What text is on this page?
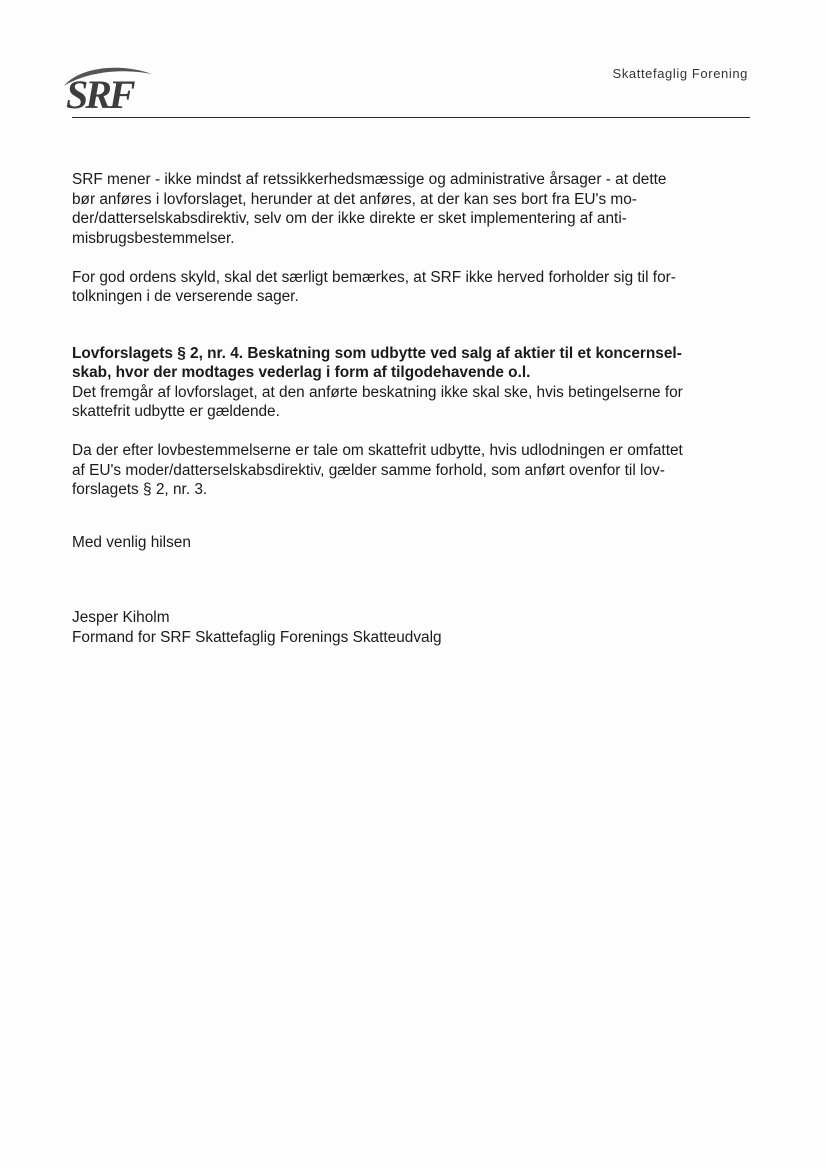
SRF	Skattefaglig Forening
SRF mener - ikke mindst af retssikkerhedsmæssige og administrative årsager - at dette
bør anføres i lovforslaget, herunder at det anføres, at der kan ses bort fra EU's mo-
der/datterselskabsdirektiv, selv om der ikke direkte er sket implementering af anti-
misbrugsbestemmelser.
For god ordens skyld, skal det særligt bemærkes, at SRF ikke herved forholder sig til for-
tolkningen i de verserende sager.
Lovforslagets § 2, nr. 4. Beskatning som udbytte ved salg af aktier til et koncernsel-
skab, hvor der modtages vederlag i form af tilgodehavende o.l.
Det fremgår af lovforslaget, at den anførte beskatning ikke skal ske, hvis betingelserne for
skattefrit udbytte er gældende.
Da der efter lovbestemmelserne er tale om skattefrit udbytte, hvis udlodningen er omfattet
af EU's moder/datterselskabsdirektiv, gælder samme forhold, som anført ovenfor til lov-
forslagets § 2, nr. 3.
Med venlig hilsen
Jesper Kiholm
Formand for SRF Skattefaglig Forenings Skatteudvalg
